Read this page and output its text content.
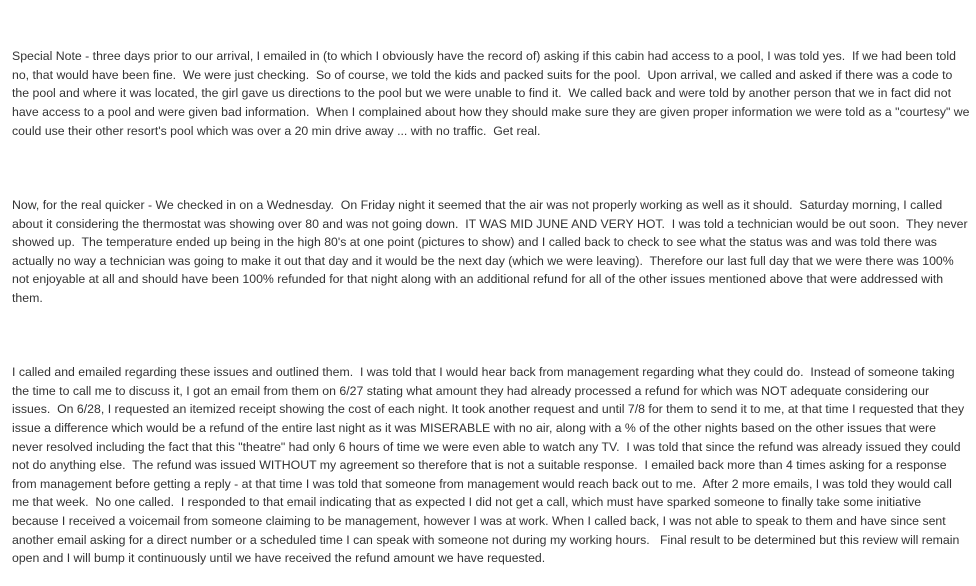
Special Note - three days prior to our arrival, I emailed in (to which I obviously have the record of) asking if this cabin had access to a pool, I was told yes.  If we had been told no, that would have been fine.  We were just checking.  So of course, we told the kids and packed suits for the pool.  Upon arrival, we called and asked if there was a code to the pool and where it was located, the girl gave us directions to the pool but we were unable to find it.  We called back and were told by another person that we in fact did not have access to a pool and were given bad information.  When I complained about how they should make sure they are given proper information we were told as a "courtesy" we could use their other resort's pool which was over a 20 min drive away ... with no traffic.  Get real.

Now, for the real quicker - We checked in on a Wednesday.  On Friday night it seemed that the air was not properly working as well as it should.  Saturday morning, I called about it considering the thermostat was showing over 80 and was not going down.  IT WAS MID JUNE AND VERY HOT.  I was told a technician would be out soon.  They never showed up.  The temperature ended up being in the high 80's at one point (pictures to show) and I called back to check to see what the status was and was told there was actually no way a technician was going to make it out that day and it would be the next day (which we were leaving).  Therefore our last full day that we were there was 100% not enjoyable at all and should have been 100% refunded for that night along with an additional refund for all of the other issues mentioned above that were addressed with them.

I called and emailed regarding these issues and outlined them.  I was told that I would hear back from management regarding what they could do.  Instead of someone taking the time to call me to discuss it, I got an email from them on 6/27 stating what amount they had already processed a refund for which was NOT adequate considering our issues.  On 6/28, I requested an itemized receipt showing the cost of each night. It took another request and until 7/8 for them to send it to me, at that time I requested that they issue a difference which would be a refund of the entire last night as it was MISERABLE with no air, along with a % of the other nights based on the other issues that were never resolved including the fact that this "theatre" had only 6 hours of time we were even able to watch any TV.  I was told that since the refund was already issued they could not do anything else.  The refund was issued WITHOUT my agreement so therefore that is not a suitable response.  I emailed back more than 4 times asking for a response from management before getting a reply - at that time I was told that someone from management would reach back out to me.  After 2 more emails, I was told they would call me that week.  No one called.  I responded to that email indicating that as expected I did not get a call, which must have sparked someone to finally take some initiative because I received a voicemail from someone claiming to be management, however I was at work. When I called back, I was not able to speak to them and have since sent another email asking for a direct number or a scheduled time I can speak with someone not during my working hours.   Final result to be determined but this review will remain open and I will bump it continuously until we have received the refund amount we have requested.
